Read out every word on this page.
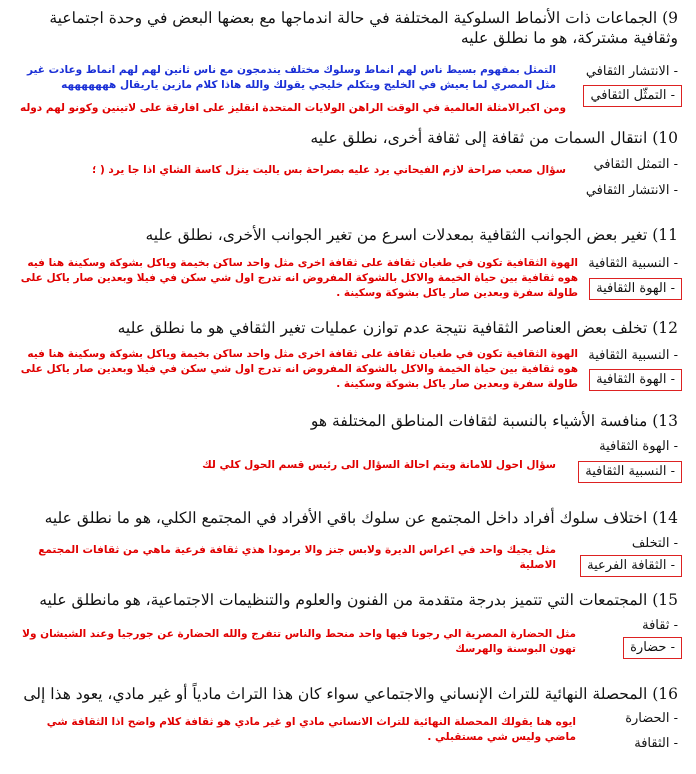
9) الجماعات ذات الأنماط السلوكية المختلفة في حالة اندماجها مع بعضها البعض في وحدة اجتماعية وثقافية مشتركة، هو ما نطلق عليه
- الانتشار الثقافي
- التمثّل الثقافي
التمثل بمفهوم بسيط ناس لهم انماط وسلوك مختلف يندمجون مع ناس ثانين لهم لهم انماط وعادت غير مثل المصري لما يعيش في الخليج ويتكلم خليجي يقولك والله هاذا كلام مازين ياريقال هههههههه
ومن اكبرالامثلة العالمية في الوقت الراهن الولايات المتحدة انقليز على افارقة على لاتينين وكونو لهم دوله
10) انتقال السمات من ثقافة إلى ثقافة أخرى، نطلق عليه
- التمثل الثقافي
- الانتشار الثقافي
سؤال صعب صراحة لازم الفيحاني يرد عليه بصراحة بس ياليت ينزل كاسة الشاي اذا جا يرد ( ؛
11) تغير بعض الجوانب الثقافية بمعدلات اسرع من تغير الجوانب الأخرى، نطلق عليه
- النسبية الثقافية
- الهوة الثقافية
الهوة الثقافية تكون في طغيان ثقافة على ثقافة اخرى مثل واحد ساكن بخيمة وياكل بشوكة وسكينة هنا فيه هوه ثقافية بين حياة الخيمة والاكل بالشوكة المفروض انه تدرج اول شي سكن في فيلا وبعدين صار ياكل على طاولة سفرة وبعدين صار ياكل بشوكة وسكينة .
12) تخلف بعض العناصر الثقافية نتيجة عدم توازن عمليات تغير الثقافي هو ما نطلق عليه
- النسبية الثقافية
- الهوة الثقافية
الهوة الثقافية تكون في طغيان ثقافة على ثقافة اخرى مثل واحد ساكن بخيمة وياكل بشوكة وسكينة هنا فيه هوه ثقافية بين حياة الخيمة والاكل بالشوكة المفروض انه تدرج اول شي سكن في فيلا وبعدين صار ياكل على طاولة سفرة وبعدين صار ياكل بشوكة وسكينة .
13) منافسة الأشياء بالنسبة لثقافات المناطق المختلفة هو
- الهوة الثقافية
- النسبية الثقافية
سؤال احول للامانة ويتم احالة السؤال الى رئيس قسم الحول كلي لك
14) اختلاف سلوك أفراد داخل المجتمع عن سلوك باقي الأفراد في المجتمع الكلي، هو ما نطلق عليه
- التخلف
- الثقافة الفرعية
مثل يجيك واحد في اعراس الديرة ولابس جنز والا برمودا هذي ثقافة فرعية ماهي من ثقافات المجتمع الاصلية
15) المجتمعات التي تتميز بدرجة متقدمة من الفنون والعلوم والتنظيمات الاجتماعية، هو مانطلق عليه
- ثقافة
- حضارة
مثل الحضارة المصرية الي رجونا فيها واحد منحط والناس تتفرج والله الحضارة عن جورجيا وعند الشيشان ولا تهون البوسنة والهرسك
16) المحصلة النهائية للتراث الإنساني والاجتماعي سواء كان هذا التراث مادياً أو غير مادي، يعود هذا إلى
- الحضارة
- الثقافة
ايوه هنا يقولك المحصلة النهائية للتراث الانساني مادي او غير مادي هو ثقافة كلام واضح اذا الثقافة شي ماضي وليس شي مستقبلي .
